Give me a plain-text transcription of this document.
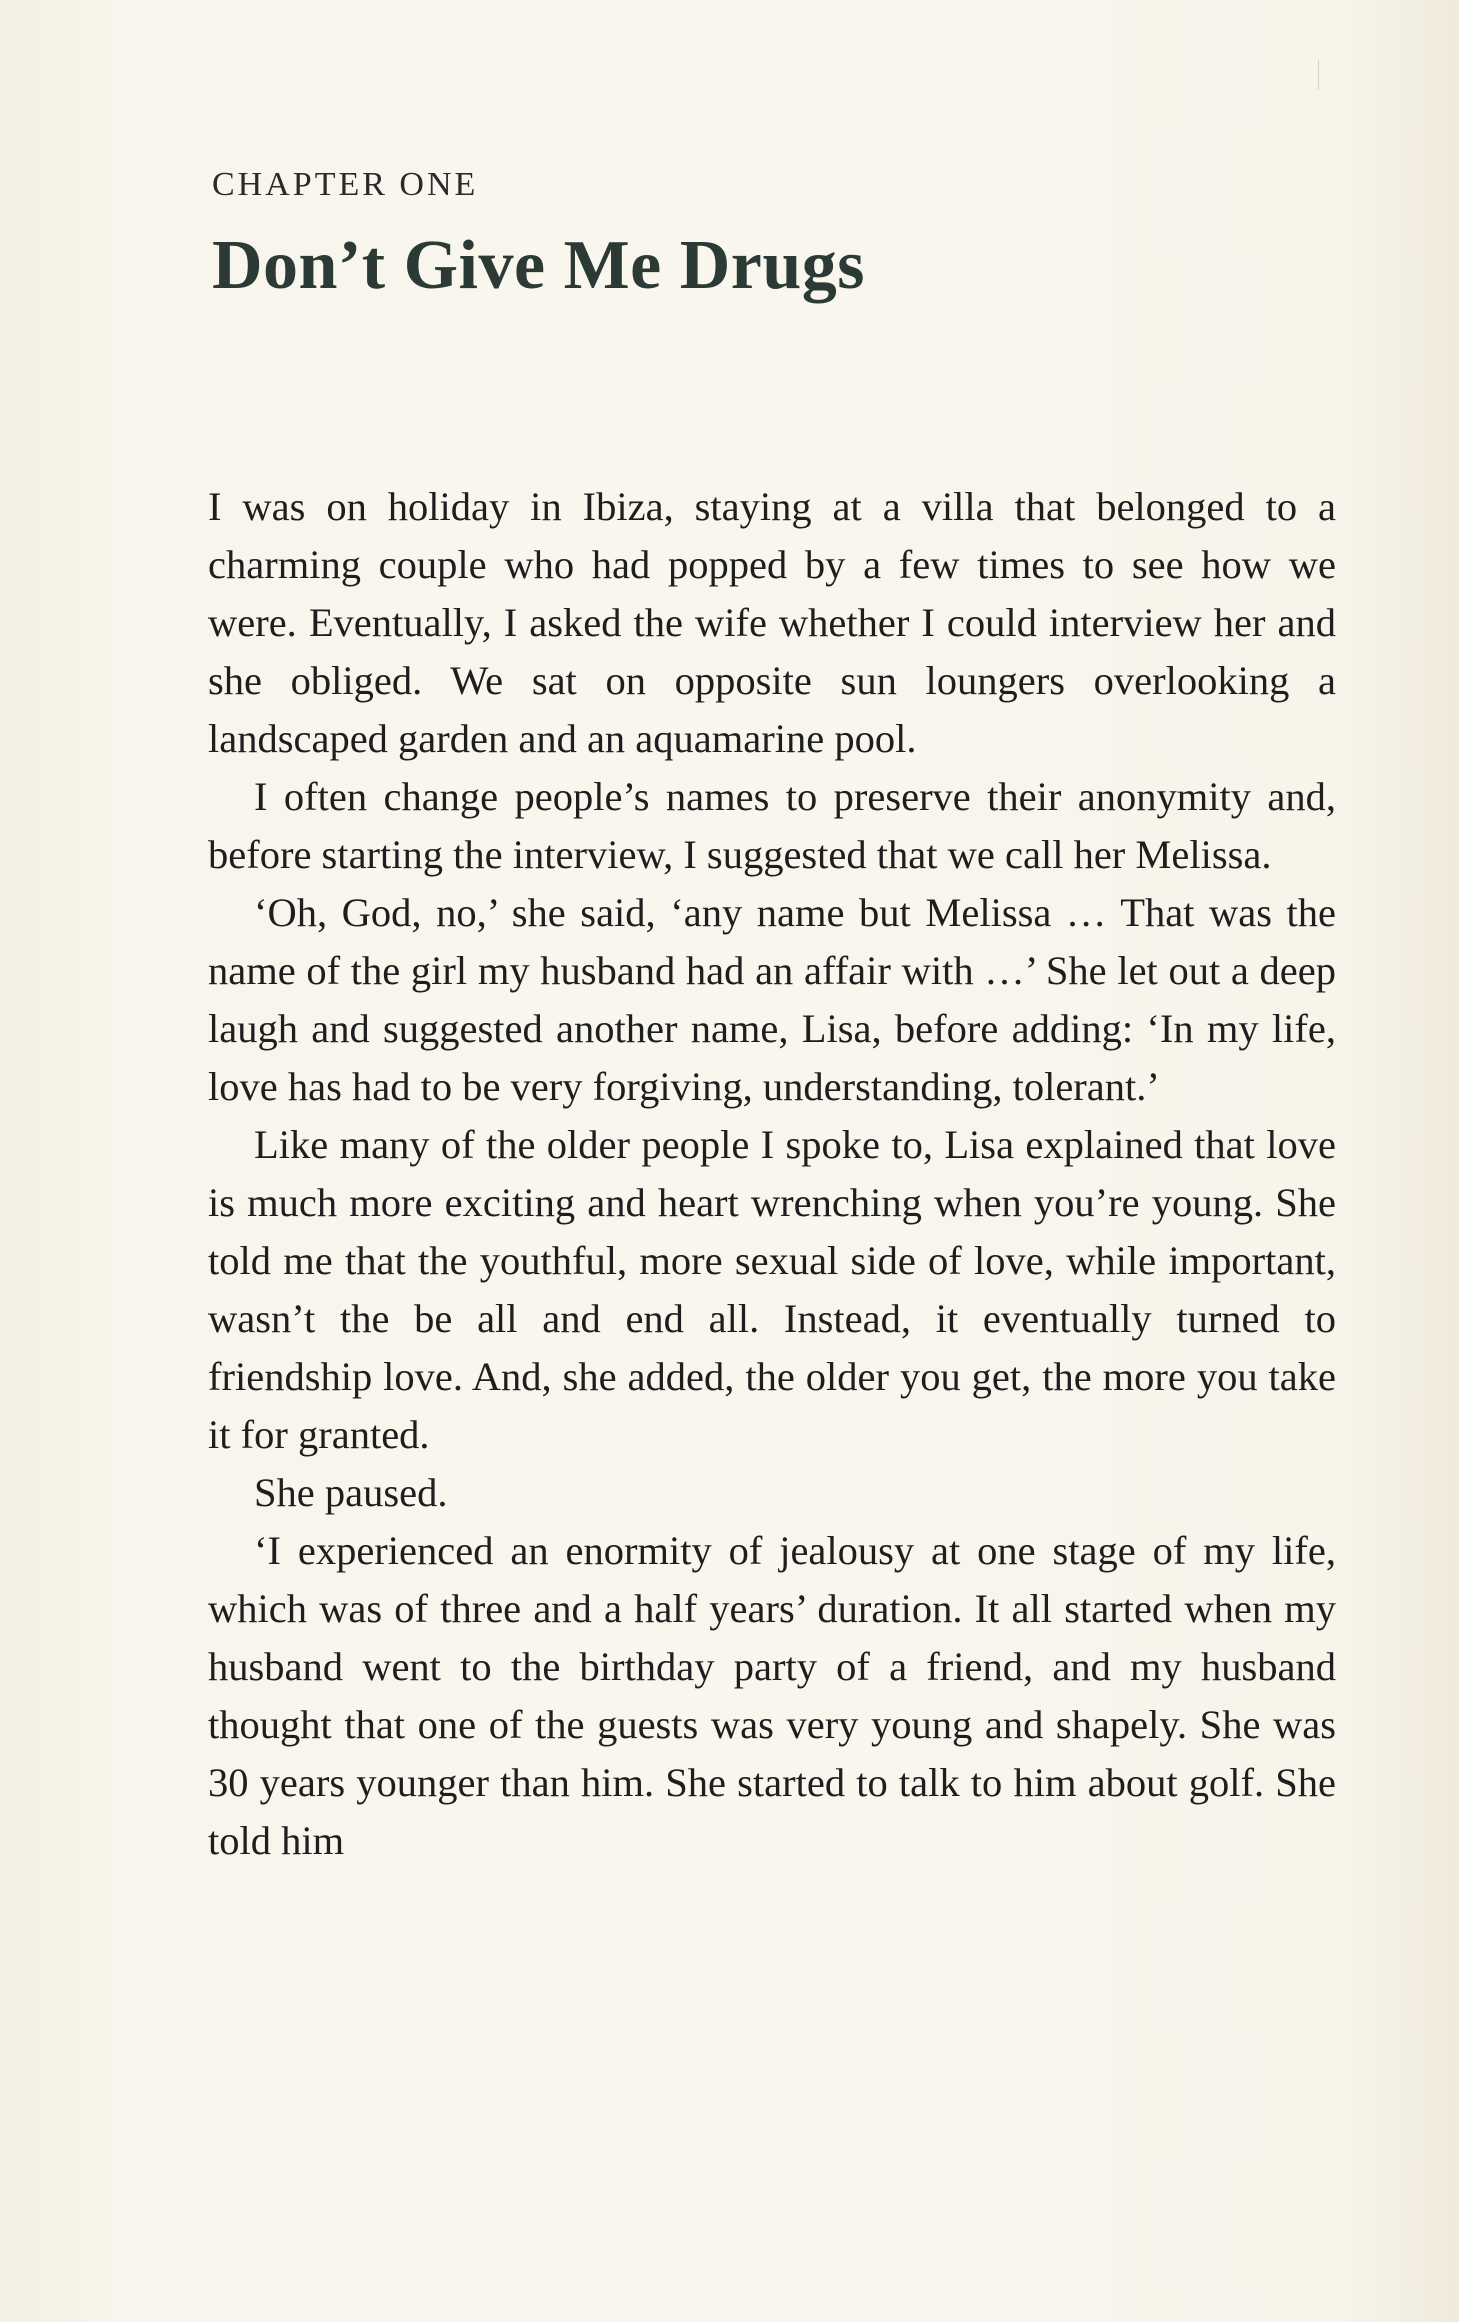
CHAPTER ONE
Don’t Give Me Drugs

I was on holiday in Ibiza, staying at a villa that belonged to a charming couple who had popped by a few times to see how we were. Eventually, I asked the wife whether I could interview her and she obliged. We sat on opposite sun loungers overlooking a landscaped garden and an aquamarine pool.

I often change people’s names to preserve their anonymity and, before starting the interview, I suggested that we call her Melissa.

‘Oh, God, no,’ she said, ‘any name but Melissa … That was the name of the girl my husband had an affair with …’ She let out a deep laugh and suggested another name, Lisa, before adding: ‘In my life, love has had to be very forgiving, understanding, tolerant.’

Like many of the older people I spoke to, Lisa explained that love is much more exciting and heart wrenching when you’re young. She told me that the youthful, more sexual side of love, while important, wasn’t the be all and end all. Instead, it eventually turned to friendship love. And, she added, the older you get, the more you take it for granted.

She paused.

‘I experienced an enormity of jealousy at one stage of my life, which was of three and a half years’ duration. It all started when my husband went to the birthday party of a friend, and my husband thought that one of the guests was very young and shapely. She was 30 years younger than him. She started to talk to him about golf. She told him
